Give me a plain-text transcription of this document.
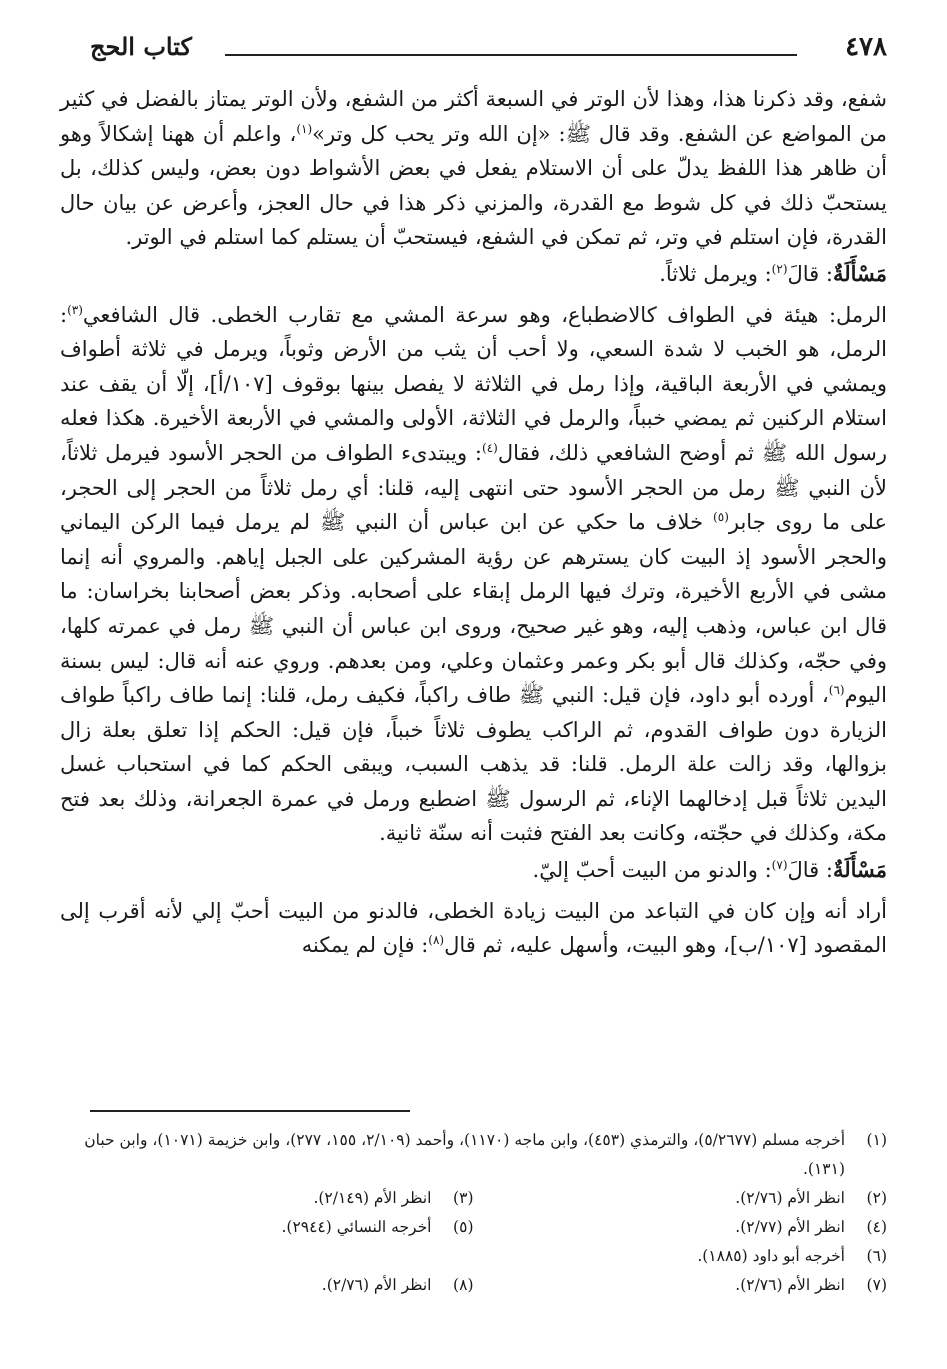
٤٧٨
كتاب الحج

شفع، وقد ذكرنا هذا، وهذا لأن الوتر في السبعة أكثر من الشفع، ولأن الوتر يمتاز بالفضل في كثير من المواضع عن الشفع. وقد قال ﷺ: «إن الله وتر يحب كل وتر»$^{(١)}$، واعلم أن ههنا إشكالاً وهو أن ظاهر هذا اللفظ يدلّ على أن الاستلام يفعل في بعض الأشواط دون بعض، وليس كذلك، بل يستحبّ ذلك في كل شوط مع القدرة، والمزني ذكر هذا في حال العجز، وأعرض عن بيان حال القدرة، فإن استلم في وتر، ثم تمكن في الشفع، فيستحبّ أن يستلم كما استلم في الوتر.

مَسْأَلَةٌ: قالَ$^{(٢)}$: ويرمل ثلاثاً.

الرمل: هيئة في الطواف كالاضطباع، وهو سرعة المشي مع تقارب الخطى. قال الشافعي$^{(٣)}$: الرمل، هو الخبب لا شدة السعي، ولا أحب أن يثب من الأرض وثوباً، ويرمل في ثلاثة أطواف ويمشي في الأربعة الباقية، وإذا رمل في الثلاثة لا يفصل بينها بوقوف [١٠٧/أ]، إلّا أن يقف عند استلام الركنين ثم يمضي خبباً، والرمل في الثلاثة، الأولى والمشي في الأربعة الأخيرة. هكذا فعله رسول الله ﷺ ثم أوضح الشافعي ذلك، فقال$^{(٤)}$: ويبتدىء الطواف من الحجر الأسود فيرمل ثلاثاً، لأن النبي ﷺ رمل من الحجر الأسود حتى انتهى إليه، قلنا: أي رمل ثلاثاً من الحجر إلى الحجر، على ما روى جابر$^{(٥)}$ خلاف ما حكي عن ابن عباس أن النبي ﷺ لم يرمل فيما الركن اليماني والحجر الأسود إذ البيت كان يسترهم عن رؤية المشركين على الجبل إياهم. والمروي أنه إنما مشى في الأربع الأخيرة، وترك فيها الرمل إبقاء على أصحابه. وذكر بعض أصحابنا بخراسان: ما قال ابن عباس، وذهب إليه، وهو غير صحيح، وروى ابن عباس أن النبي ﷺ رمل في عمرته كلها، وفي حجّه، وكذلك قال أبو بكر وعمر وعثمان وعلي، ومن بعدهم. وروي عنه أنه قال: ليس بسنة اليوم$^{(٦)}$، أورده أبو داود، فإن قيل: النبي ﷺ طاف راكباً، فكيف رمل، قلنا: إنما طاف راكباً طواف الزيارة دون طواف القدوم، ثم الراكب يطوف ثلاثاً خبباً، فإن قيل: الحكم إذا تعلق بعلة زال بزوالها، وقد زالت علة الرمل. قلنا: قد يذهب السبب، ويبقى الحكم كما في استحباب غسل اليدين ثلاثاً قبل إدخالهما الإناء، ثم الرسول ﷺ اضطبع ورمل في عمرة الجعرانة، وذلك بعد فتح مكة، وكذلك في حجّته، وكانت بعد الفتح فثبت أنه سنّة ثانية.

مَسْأَلَةٌ: قالَ$^{(٧)}$: والدنو من البيت أحبّ إليّ.

أراد أنه وإن كان في التباعد من البيت زيادة الخطى، فالدنو من البيت أحبّ إلي لأنه أقرب إلى المقصود [١٠٧/ب]، وهو البيت، وأسهل عليه، ثم قال$^{(٨)}$: فإن لم يمكنه

(١)
أخرجه مسلم (٥/٢٦٧٧)، والترمذي (٤٥٣)، وابن ماجه (١١٧٠)، وأحمد (٢/١٠٩، ١٥٥، ٢٧٧)، وابن خزيمة (١٠٧١)، وابن حبان (١٣١).
(٢)
انظر الأم (٢/٧٦).
(٣)
انظر الأم (٢/١٤٩).
(٤)
انظر الأم (٢/٧٧).
(٥)
أخرجه النسائي (٢٩٤٤).
(٦)
أخرجه أبو داود (١٨٨٥).
(٧)
انظر الأم (٢/٧٦).
(٨)
انظر الأم (٢/٧٦).
